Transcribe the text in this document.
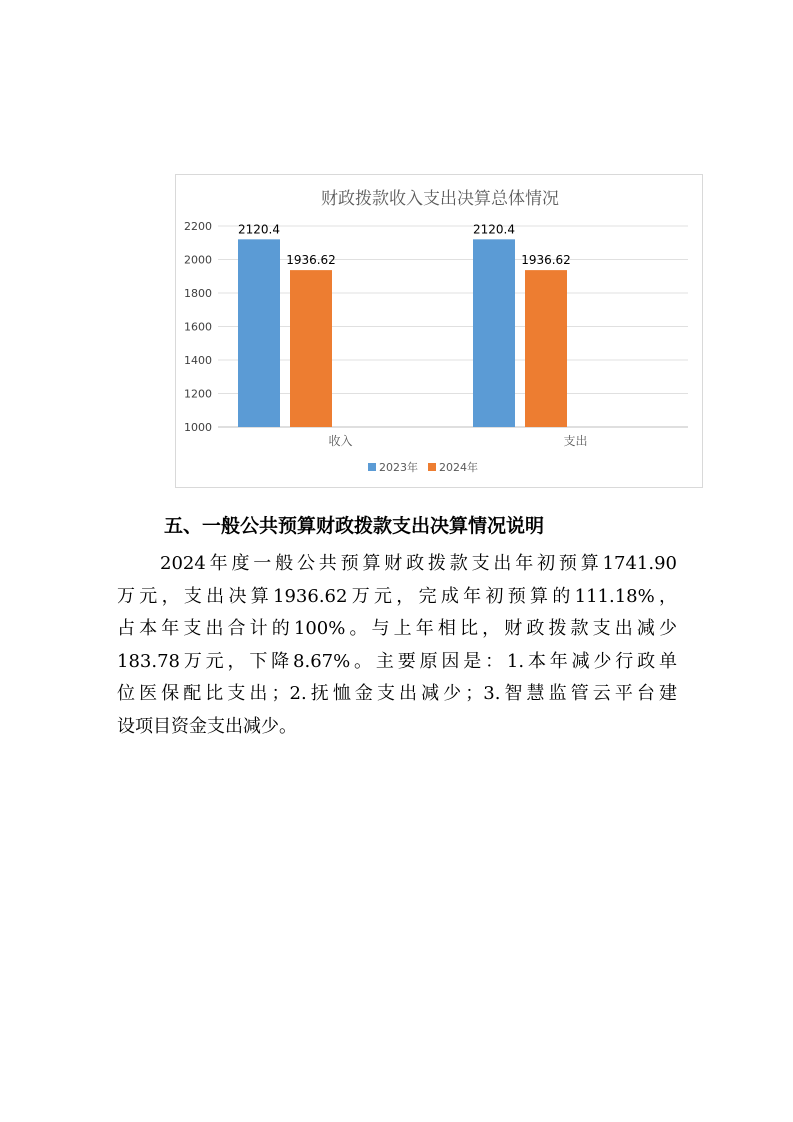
财政拨款收入支出决算总体情况
1000
1200
1400
1600
1800
2000
2200 2120.4
1936.62
2120.4
1936.62
收入	支出
2023年 2024年
五、一般公共预算财政拨款支出决算情况说明

2024年度一般公共预算财政拨款支出年初预算1741.90
万元，支出决算1936.62万元，完成年初预算的111.18%，
占本年支出合计的100%。与上年相比，财政拨款支出减少
183.78万元，下降8.67%。主要原因是：1.本年减少行政单
位医保配比支出；2.抚恤金支出减少；3.智慧监管云平台建
设项目资金支出减少。
